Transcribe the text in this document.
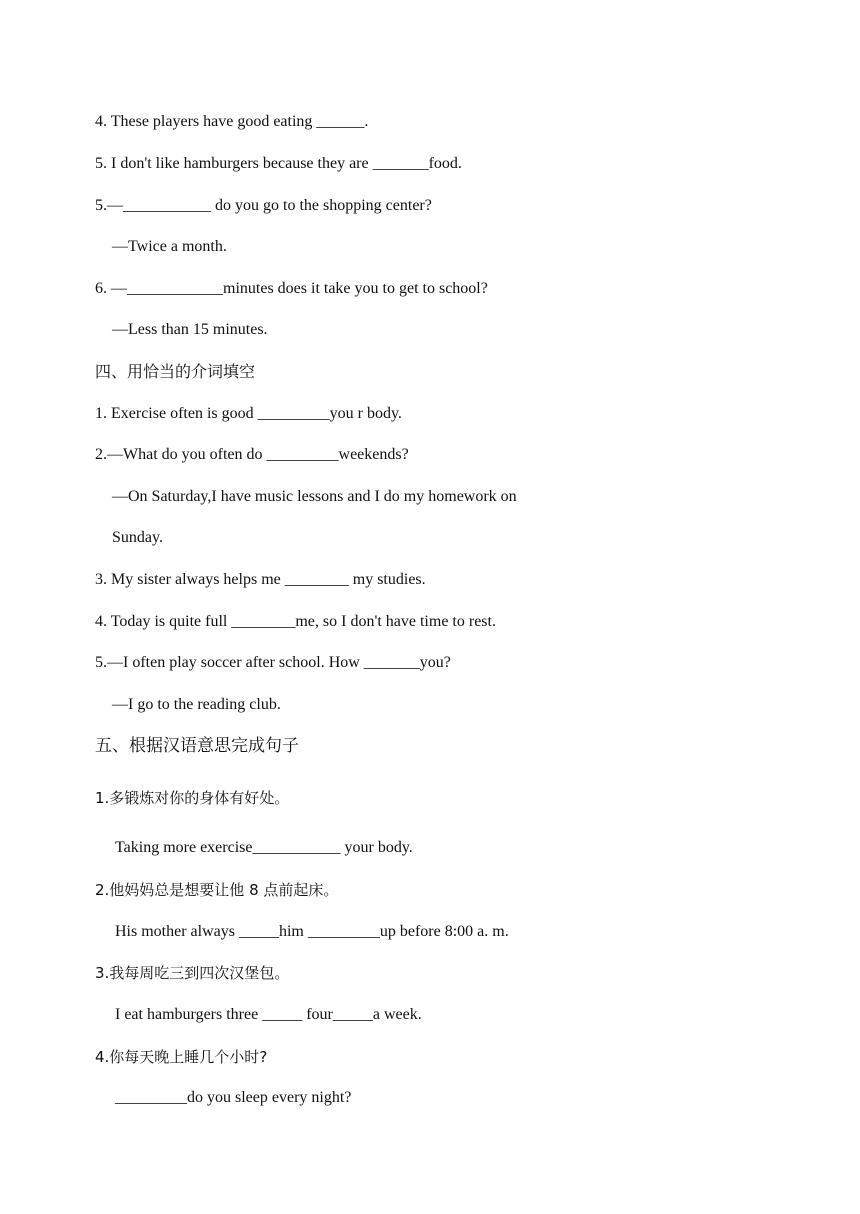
4. These players have good eating ______.
5. I don't like hamburgers because they are _______food.
5.—___________ do you go to the shopping center?
—Twice a month.
6. —____________minutes does it take you to get to school?
—Less than 15 minutes.
四、用恰当的介词填空
1. Exercise often is good _________you r body.
2.—What do you often do _________weekends?
—On Saturday,I have music lessons and I do my homework on
Sunday.
3. My sister always helps me ________ my studies.
4. Today is quite full ________me, so I don't have time to rest.
5.—I often play soccer after school. How _______you?
—I go to the reading club.
五、根据汉语意思完成句子
1.多锻炼对你的身体有好处。
Taking more exercise___________ your body.
2.他妈妈总是想要让他 8 点前起床。
His mother always _____him _________up before 8:00 a. m.
3.我每周吃三到四次汉堡包。
I eat hamburgers three _____ four_____a week.
4.你每天晚上睡几个小时?
_________do you sleep every night?
